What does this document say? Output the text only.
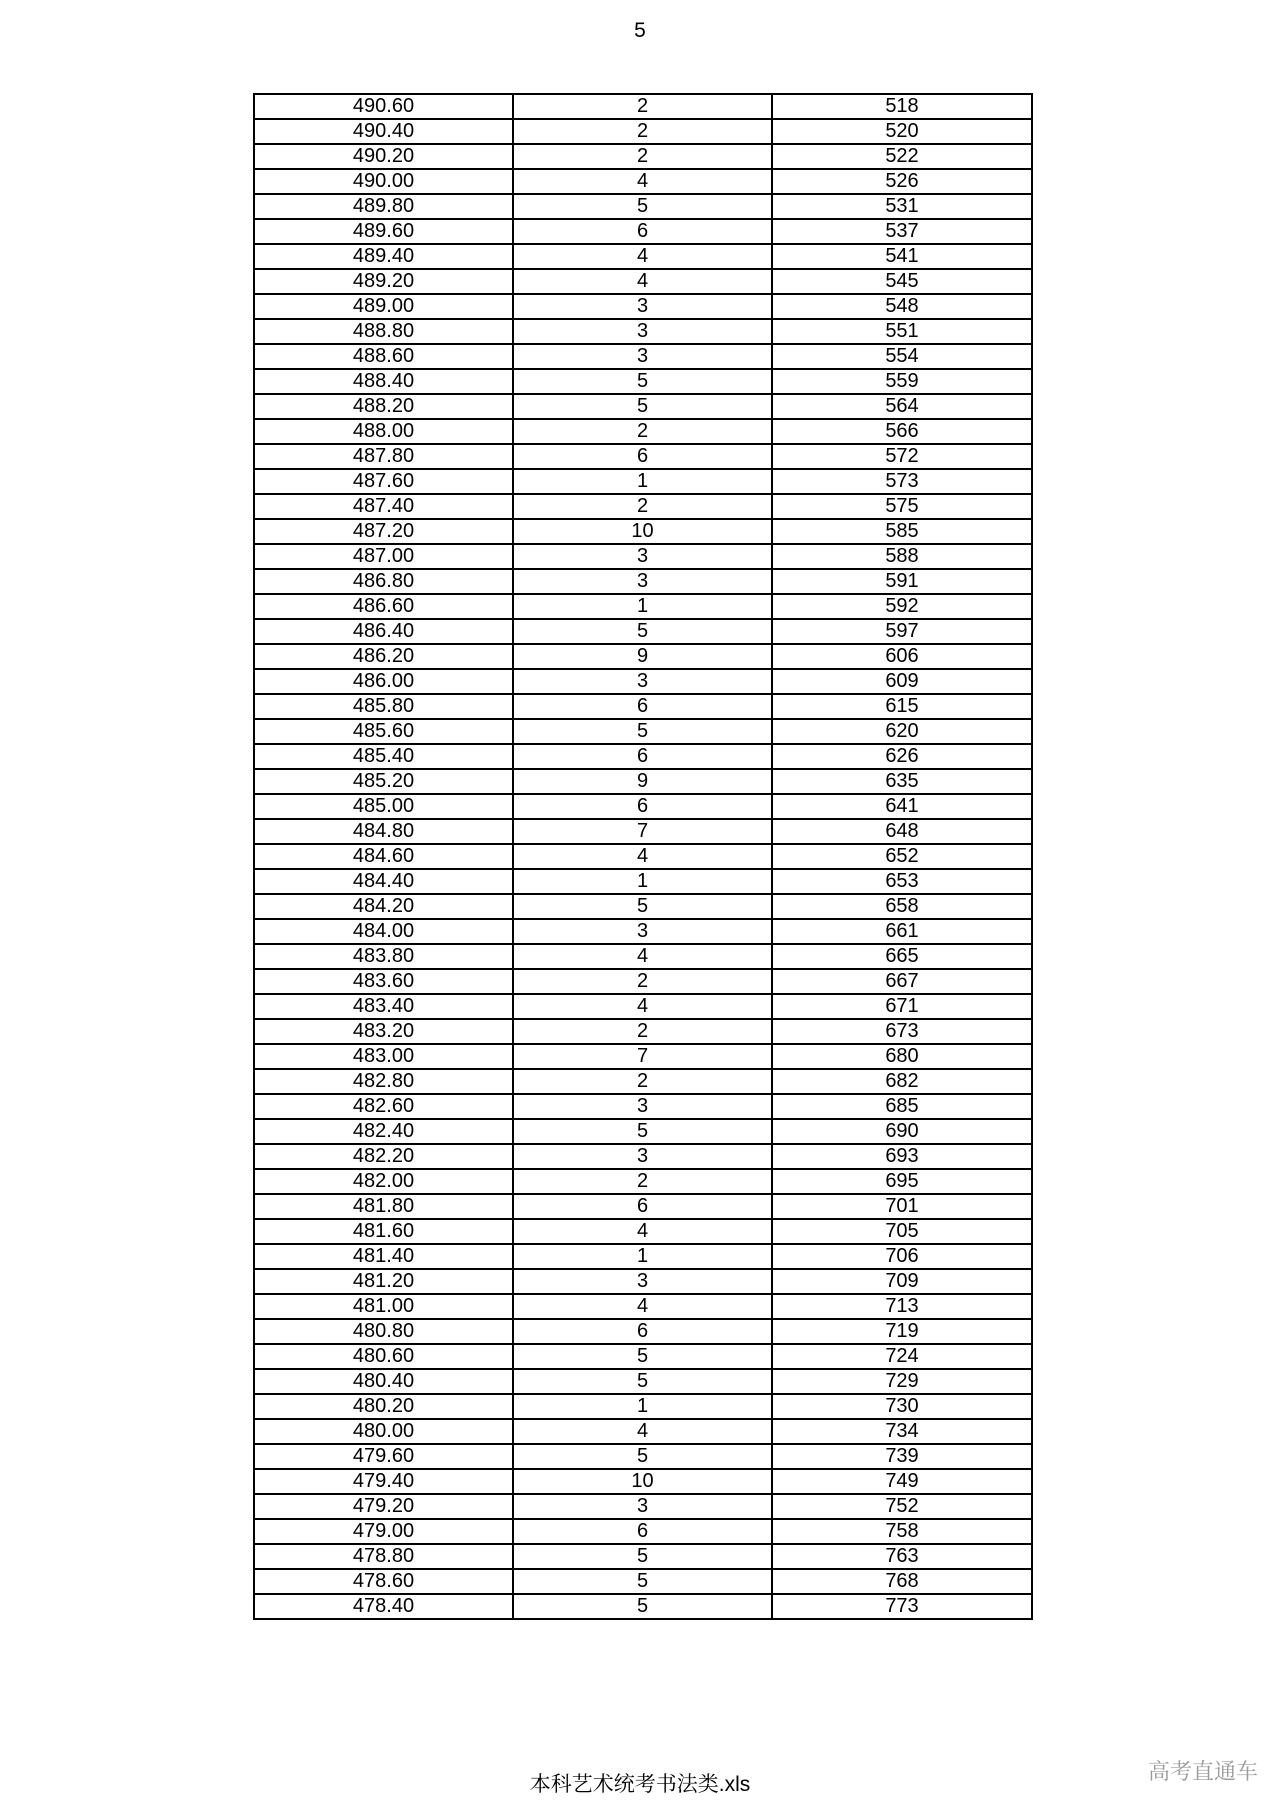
5
490.60	2	518
490.40	2	520
490.20	2	522
490.00	4	526
489.80	5	531
489.60	6	537
489.40	4	541
489.20	4	545
489.00	3	548
488.80	3	551
488.60	3	554
488.40	5	559
488.20	5	564
488.00	2	566
487.80	6	572
487.60	1	573
487.40	2	575
487.20	10	585
487.00	3	588
486.80	3	591
486.60	1	592
486.40	5	597
486.20	9	606
486.00	3	609
485.80	6	615
485.60	5	620
485.40	6	626
485.20	9	635
485.00	6	641
484.80	7	648
484.60	4	652
484.40	1	653
484.20	5	658
484.00	3	661
483.80	4	665
483.60	2	667
483.40	4	671
483.20	2	673
483.00	7	680
482.80	2	682
482.60	3	685
482.40	5	690
482.20	3	693
482.00	2	695
481.80	6	701
481.60	4	705
481.40	1	706
481.20	3	709
481.00	4	713
480.80	6	719
480.60	5	724
480.40	5	729
480.20	1	730
480.00	4	734
479.60	5	739
479.40	10	749
479.20	3	752
479.00	6	758
478.80	5	763
478.60	5	768
478.40	5	773
本科艺术统考书法类.xls
高考直通车
